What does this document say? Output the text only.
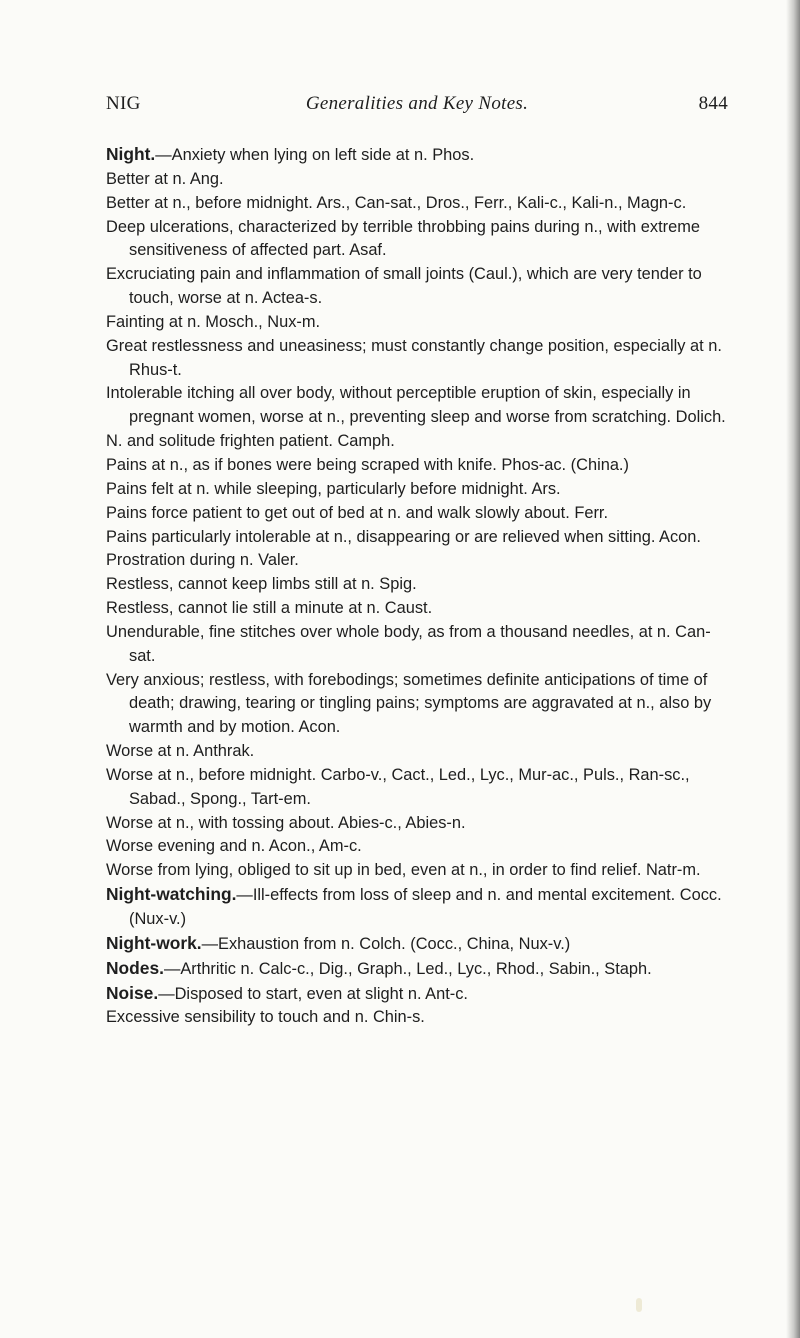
NIG	Generalities and Key Notes.	844

Night.—Anxiety when lying on left side at n. Phos.

Better at n. Ang.

Better at n., before midnight. Ars., Can-sat., Dros., Ferr., Kali-c., Kali-n., Magn-c.

Deep ulcerations, characterized by terrible throbbing pains during n., with extreme sensitiveness of affected part. Asaf.

Excruciating pain and inflammation of small joints (Caul.), which are very tender to touch, worse at n. Actea-s.

Fainting at n. Mosch., Nux-m.

Great restlessness and uneasiness; must constantly change position, especially at n. Rhus-t.

Intolerable itching all over body, without perceptible eruption of skin, especially in pregnant women, worse at n., preventing sleep and worse from scratching. Dolich.

N. and solitude frighten patient. Camph.

Pains at n., as if bones were being scraped with knife. Phos-ac. (China.)

Pains felt at n. while sleeping, particularly before midnight. Ars.

Pains force patient to get out of bed at n. and walk slowly about. Ferr.

Pains particularly intolerable at n., disappearing or are relieved when sitting. Acon.

Prostration during n. Valer.

Restless, cannot keep limbs still at n. Spig.

Restless, cannot lie still a minute at n. Caust.

Unendurable, fine stitches over whole body, as from a thousand needles, at n. Can-sat.

Very anxious; restless, with forebodings; sometimes definite anticipations of time of death; drawing, tearing or tingling pains; symptoms are aggravated at n., also by warmth and by motion. Acon.

Worse at n. Anthrak.

Worse at n., before midnight. Carbo-v., Cact., Led., Lyc., Mur-ac., Puls., Ran-sc., Sabad., Spong., Tart-em.

Worse at n., with tossing about. Abies-c., Abies-n.

Worse evening and n. Acon., Am-c.

Worse from lying, obliged to sit up in bed, even at n., in order to find relief. Natr-m.

Night-watching.—Ill-effects from loss of sleep and n. and mental excitement. Cocc. (Nux-v.)

Night-work.—Exhaustion from n. Colch. (Cocc., China, Nux-v.)

Nodes.—Arthritic n. Calc-c., Dig., Graph., Led., Lyc., Rhod., Sabin., Staph.

Noise.—Disposed to start, even at slight n. Ant-c.

Excessive sensibility to touch and n. Chin-s.
